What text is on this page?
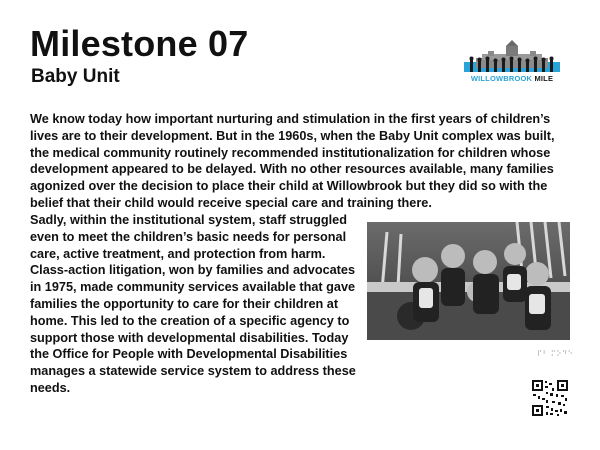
Milestone 07
Baby Unit	WILLOWBROOK MILE

We know today how important nurturing and stimulation in the first years of children’s lives are to their development. But in the 1960s, when the Baby Unit complex was built, the medical community routinely recommended institutionalization for children whose development appeared to be delayed. With no other resources available, many families agonized over the decision to place their child at Willowbrook but they did so with the belief that their child would receive special care and training there.

Sadly, within the institutional system, staff struggled even to meet the children’s basic needs for personal care, active treatment, and protection from harm. Class-action litigation, won by families and advocates in 1975, made community services available that gave families the opportunity to care for their children at home. This led to the creation of a specific agency to support those with developmental disabilities. Today the Office for People with Developmental Disabilities manages a statewide service system to address these needs.

⠏⠃ ⠍⠕⠙⠑
